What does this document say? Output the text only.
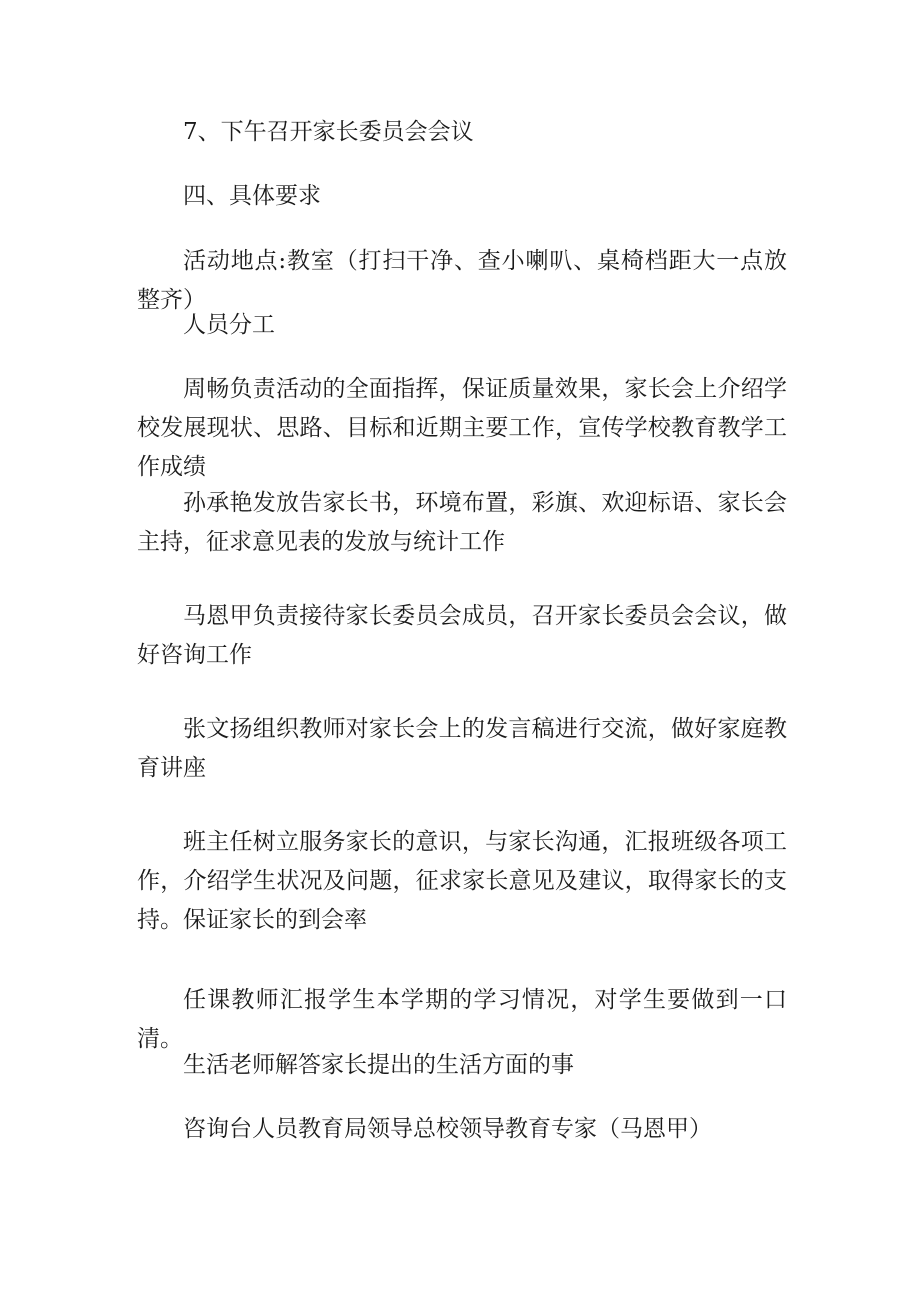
7、下午召开家长委员会会议

四、具体要求

活动地点:教室（打扫干净、查小喇叭、桌椅档距大一点放整齐）

人员分工

周畅负责活动的全面指挥，保证质量效果，家长会上介绍学校发展现状、思路、目标和近期主要工作，宣传学校教育教学工作成绩

孙承艳发放告家长书，环境布置，彩旗、欢迎标语、家长会主持，征求意见表的发放与统计工作

马恩甲负责接待家长委员会成员，召开家长委员会会议，做好咨询工作

张文扬组织教师对家长会上的发言稿进行交流，做好家庭教育讲座

班主任树立服务家长的意识，与家长沟通，汇报班级各项工作，介绍学生状况及问题，征求家长意见及建议，取得家长的支持。保证家长的到会率

任课教师汇报学生本学期的学习情况，对学生要做到一口清。

生活老师解答家长提出的生活方面的事

咨询台人员教育局领导总校领导教育专家（马恩甲）
